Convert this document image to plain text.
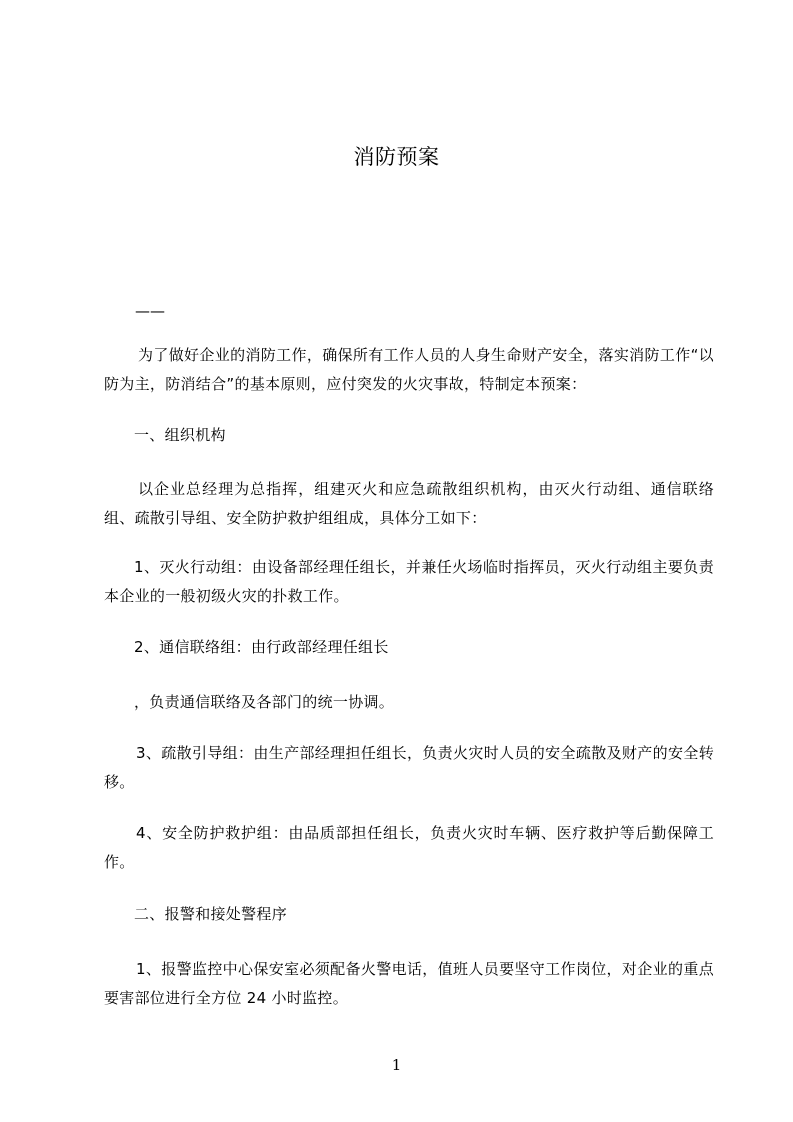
消防预案
——

为了做好企业的消防工作，确保所有工作人员的人身生命财产安全，落实消防工作“以防为主，防消结合”的基本原则，应付突发的火灾事故，特制定本预案：

一、组织机构

以企业总经理为总指挥，组建灭火和应急疏散组织机构，由灭火行动组、通信联络组、疏散引导组、安全防护救护组组成，具体分工如下：

1、灭火行动组：由设备部经理任组长，并兼任火场临时指挥员，灭火行动组主要负责本企业的一般初级火灾的扑救工作。

2、通信联络组：由行政部经理任组长

，负责通信联络及各部门的统一协调。

3、疏散引导组：由生产部经理担任组长，负责火灾时人员的安全疏散及财产的安全转移。

4、安全防护救护组：由品质部担任组长，负责火灾时车辆、医疗救护等后勤保障工作。

二、报警和接处警程序

1、报警监控中心保安室必须配备火警电话，值班人员要坚守工作岗位，对企业的重点要害部位进行全方位 24 小时监控。

1
